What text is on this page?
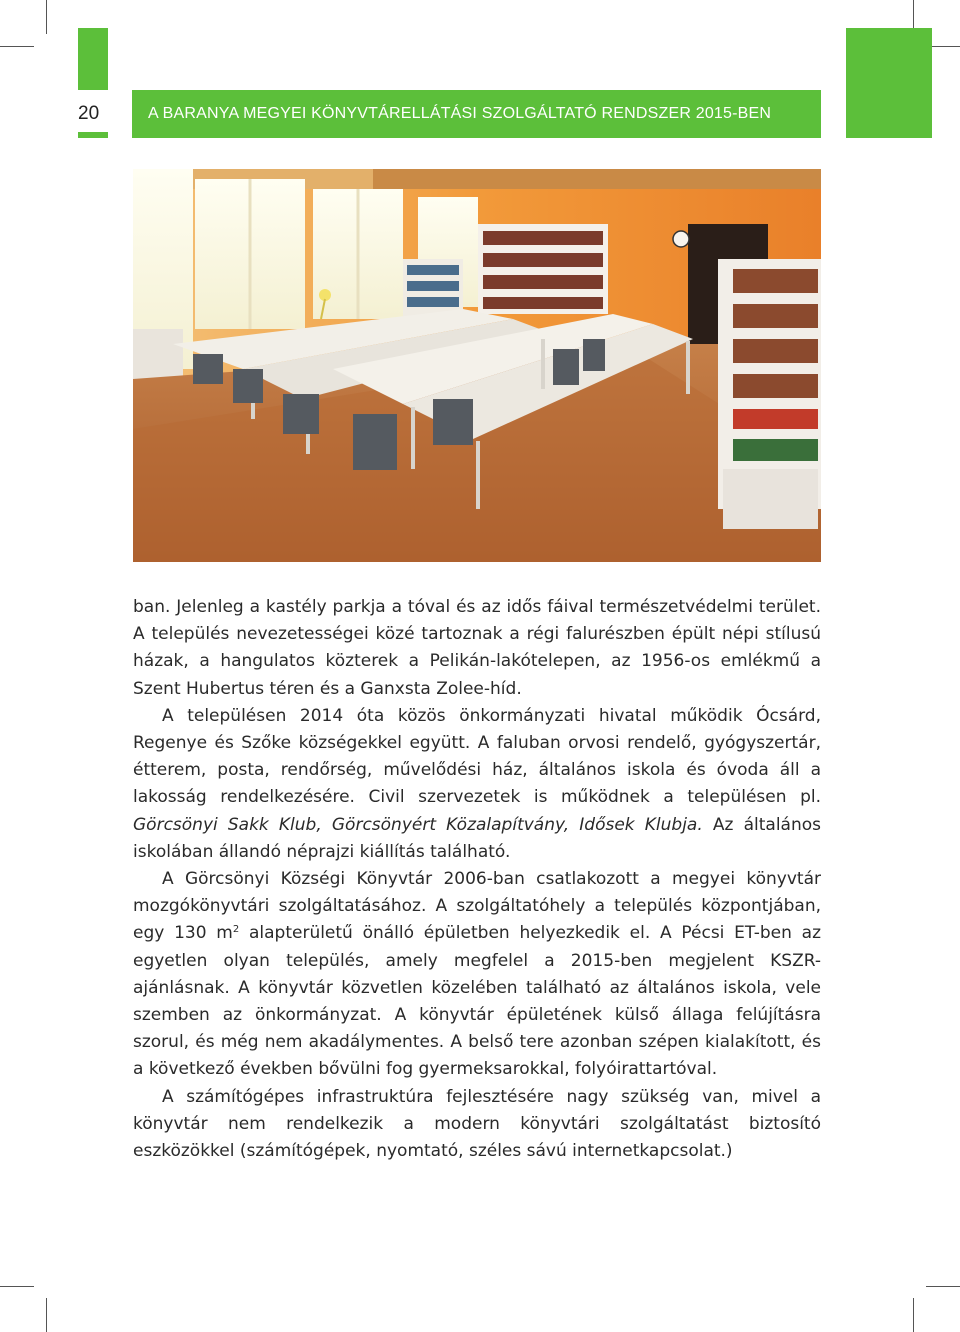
20	A BARANYA MEGYEI KÖNYVTÁRELLÁTÁSI SZOLGÁLTATÓ RENDSZER 2015-BEN

ban. Jelenleg a kastély parkja a tóval és az idős fáival természetvédelmi terület. A település nevezetességei közé tartoznak a régi falurészben épült népi stílusú házak, a hangulatos közterek a Pelikán-lakótelepen, az 1956-os emlékmű a Szent Hubertus téren és a Ganxsta Zolee-híd.

A településen 2014 óta közös önkormányzati hivatal működik Ócsárd, Regenye és Szőke községekkel együtt. A faluban orvosi rendelő, gyógyszertár, étterem, posta, rendőrség, művelődési ház, általános iskola és óvoda áll a lakosság rendelkezésére. Civil szervezetek is működnek a településen pl. Görcsönyi Sakk Klub, Görcsönyért Közalapítvány, Idősek Klubja. Az általános iskolában állandó néprajzi kiállítás található.

A Görcsönyi Községi Könyvtár 2006-ban csatlakozott a megyei könyvtár mozgókönyvtári szolgáltatásához. A szolgáltatóhely a település központjában, egy 130 $m^2$ alapterületű önálló épületben helyezkedik el. A Pécsi ET-ben az egyetlen olyan település, amely megfelel a 2015-ben megjelent KSZR-ajánlásnak. A könyvtár közvetlen közelében található az általános iskola, vele szemben az önkormányzat. A könyvtár épületének külső állaga felújításra szorul, és még nem akadálymentes. A belső tere azonban szépen kialakított, és a következő években bővülni fog gyermeksarokkal, folyóirattartóval.

A számítógépes infrastruktúra fejlesztésére nagy szükség van, mivel a könyvtár nem rendelkezik a modern könyvtári szolgáltatást biztosító eszközökkel (számítógépek, nyomtató, széles sávú internetkapcsolat.)
